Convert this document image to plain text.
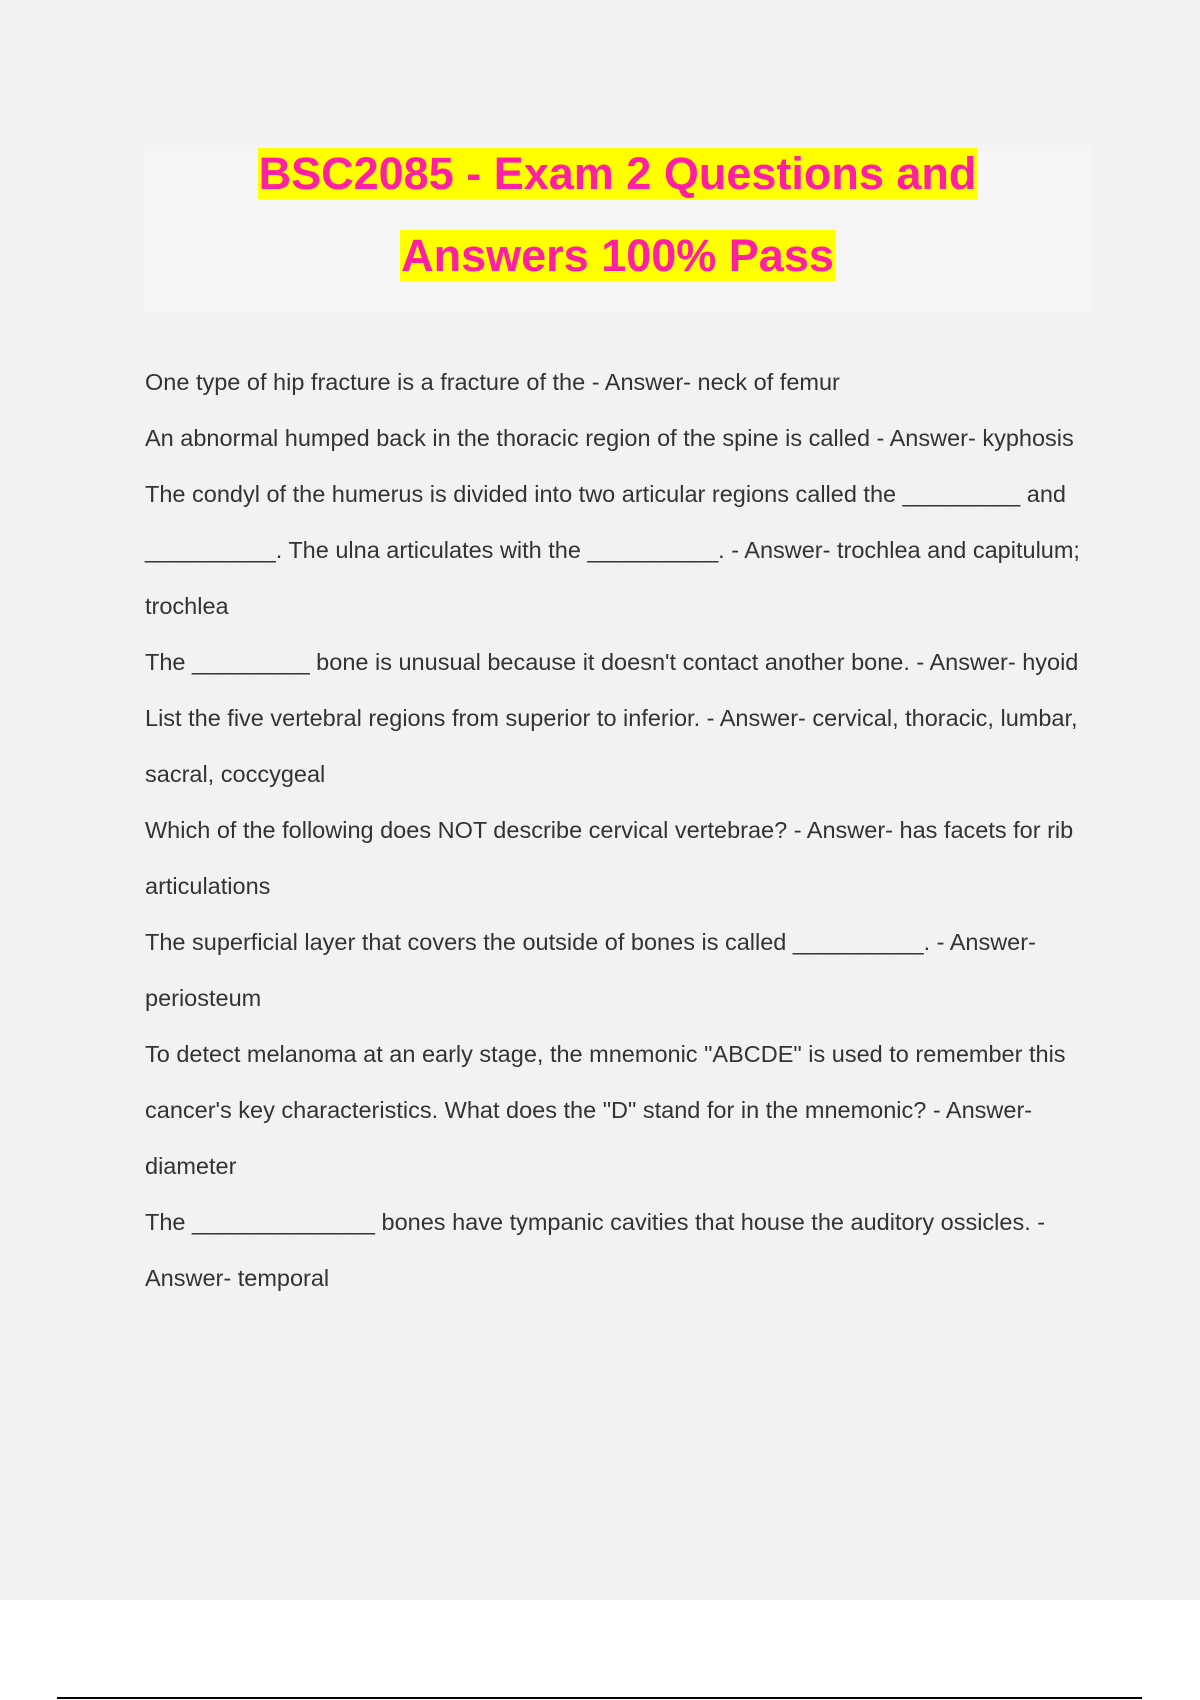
BSC2085 - Exam 2 Questions and
Answers 100% Pass

One type of hip fracture is a fracture of the - Answer- neck of femur

An abnormal humped back in the thoracic region of the spine is called - Answer- kyphosis

The condyl of the humerus is divided into two articular regions called the _________ and __________. The ulna articulates with the __________. - Answer- trochlea and capitulum; trochlea

The _________ bone is unusual because it doesn't contact another bone. - Answer- hyoid

List the five vertebral regions from superior to inferior. - Answer- cervical, thoracic, lumbar, sacral, coccygeal

Which of the following does NOT describe cervical vertebrae? - Answer- has facets for rib articulations

The superficial layer that covers the outside of bones is called __________. - Answer- periosteum

To detect melanoma at an early stage, the mnemonic "ABCDE" is used to remember this cancer's key characteristics. What does the "D" stand for in the mnemonic? - Answer- diameter

The ______________ bones have tympanic cavities that house the auditory ossicles. - Answer- temporal
